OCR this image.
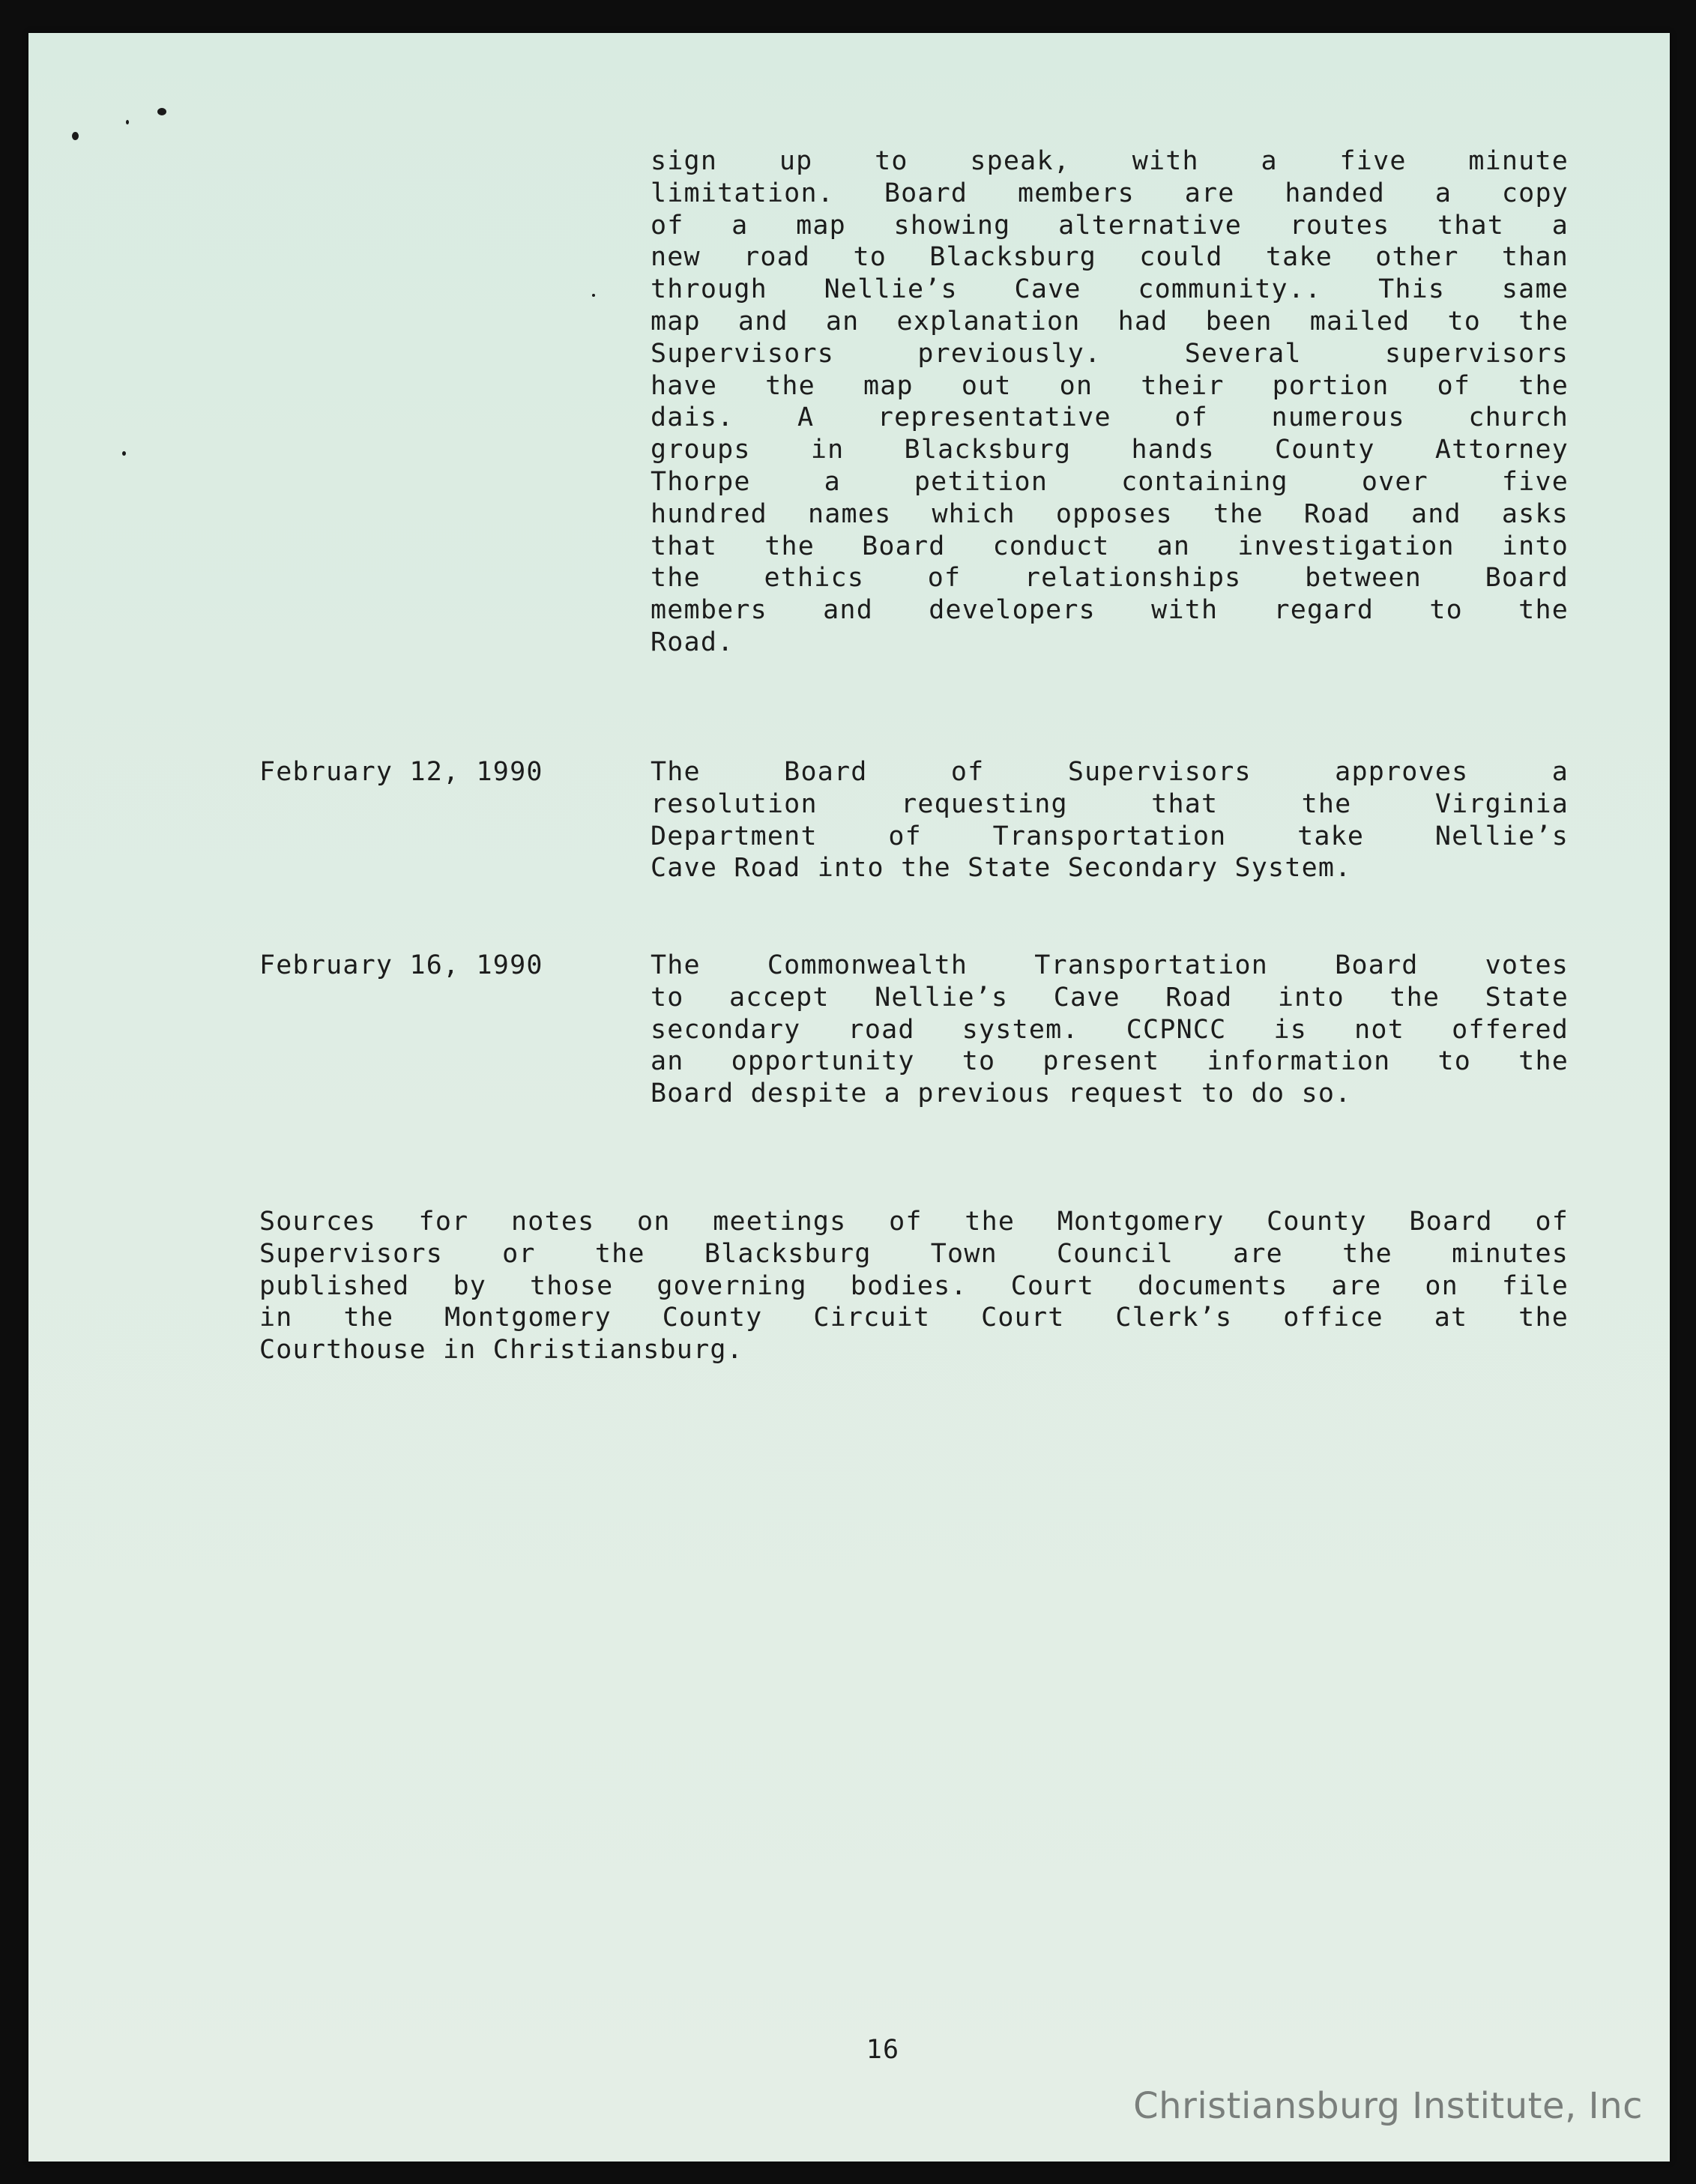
sign up to speak, with a five minute
limitation. Board members are handed a copy
of a map showing alternative routes that a
new road to Blacksburg could take other than
through Nellie’s Cave community.. This same
map and an explanation had been mailed to the
Supervisors previously. Several supervisors
have the map out on their portion of the
dais. A representative of numerous church
groups in Blacksburg hands County Attorney
Thorpe a petition containing over five
hundred names which opposes the Road and asks
that the Board conduct an investigation into
the ethics of relationships between Board
members and developers with regard to the
Road.
February 12, 1990	The Board of Supervisors approves a
resolution requesting that the Virginia
Department of Transportation take Nellie’s
Cave Road into the State Secondary System.
February 16, 1990	The Commonwealth Transportation Board votes
to accept Nellie’s Cave Road into the State
secondary road system. CCPNCC is not offered
an opportunity to present information to the
Board despite a previous request to do so.
Sources for notes on meetings of the Montgomery County Board of
Supervisors or the Blacksburg Town Council are the minutes
published by those governing bodies. Court documents are on file
in the Montgomery County Circuit Court Clerk’s office at the
Courthouse in Christiansburg.
16
Christiansburg Institute, Inc
